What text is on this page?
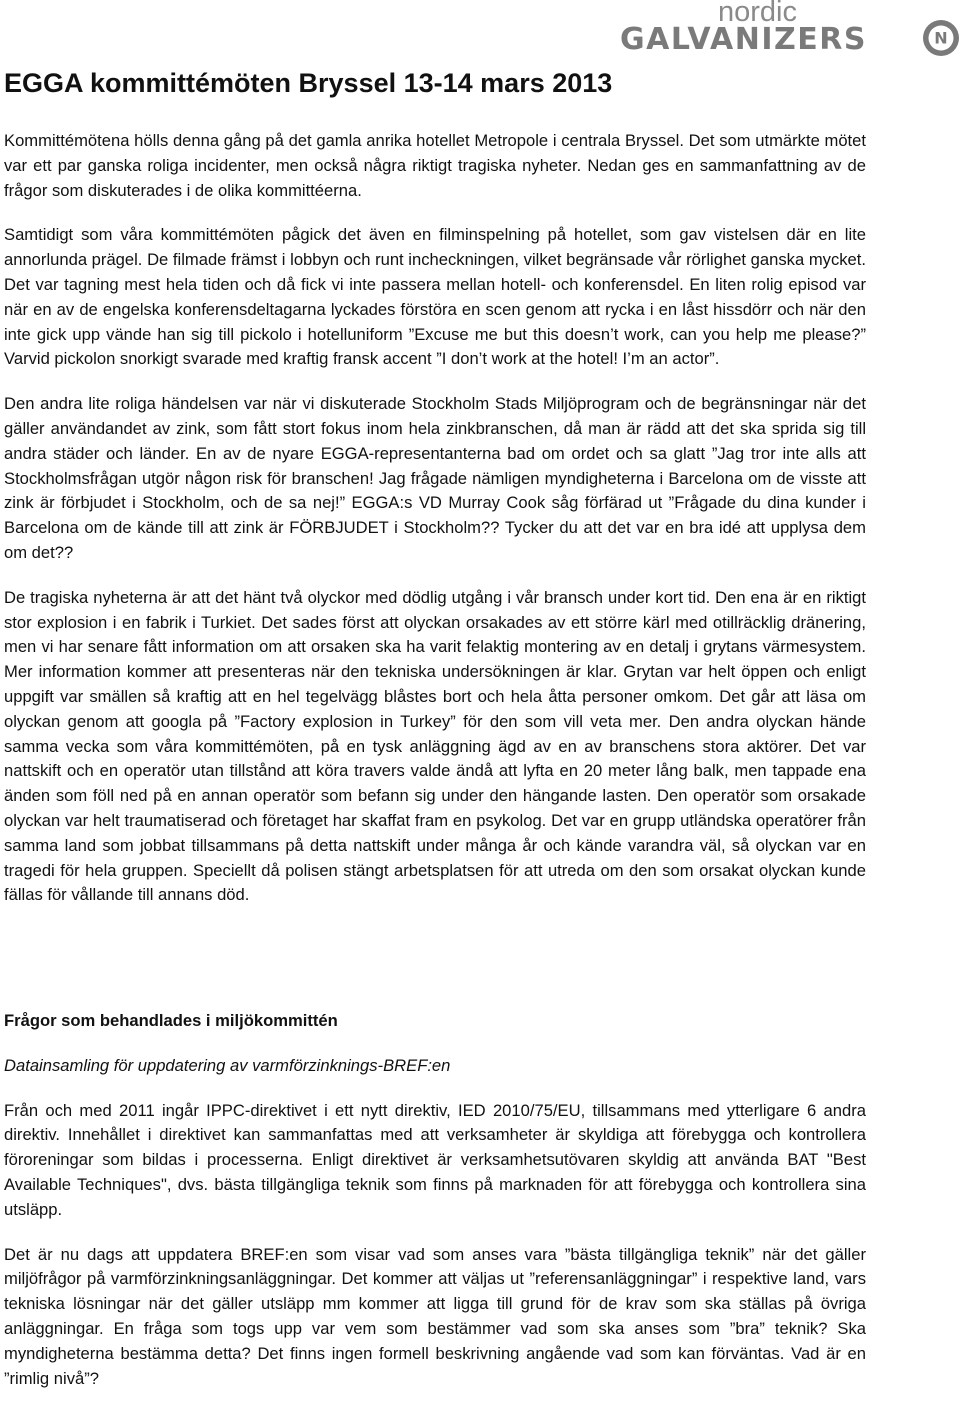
nordic
GALVANIZERS	N
EGGA kommittémöten Bryssel 13-14 mars 2013

Kommittémötena hölls denna gång på det gamla anrika hotellet Metropole i centrala Bryssel. Det som utmärkte mötet var ett par ganska roliga incidenter, men också några riktigt tragiska nyheter. Nedan ges en sammanfattning av de frågor som diskuterades i de olika kommittéerna.

Samtidigt som våra kommittémöten pågick det även en filminspelning på hotellet, som gav vistelsen där en lite annorlunda prägel. De filmade främst i lobbyn och runt incheckningen, vilket begränsade vår rörlighet ganska mycket. Det var tagning mest hela tiden och då fick vi inte passera mellan hotell- och konferensdel. En liten rolig episod var när en av de engelska konferensdeltagarna lyckades förstöra en scen genom att rycka i en låst hissdörr och när den inte gick upp vände han sig till pickolo i hotelluniform ”Excuse me but this doesn’t work, can you help me please?” Varvid pickolon snorkigt svarade med kraftig fransk accent ”I don’t work at the hotel! I’m an actor”.

Den andra lite roliga händelsen var när vi diskuterade Stockholm Stads Miljöprogram och de begränsningar när det gäller användandet av zink, som fått stort fokus inom hela zinkbranschen, då man är rädd att det ska sprida sig till andra städer och länder. En av de nyare EGGA-representanterna bad om ordet och sa glatt ”Jag tror inte alls att Stockholmsfrågan utgör någon risk för branschen! Jag frågade nämligen myndigheterna i Barcelona om de visste att zink är förbjudet i Stockholm, och de sa nej!” EGGA:s VD Murray Cook såg förfärad ut ”Frågade du dina kunder i Barcelona om de kände till att zink är FÖRBJUDET i Stockholm?? Tycker du att det var en bra idé att upplysa dem om det??

De tragiska nyheterna är att det hänt två olyckor med dödlig utgång i vår bransch under kort tid. Den ena är en riktigt stor explosion i en fabrik i Turkiet. Det sades först att olyckan orsakades av ett större kärl med otillräcklig dränering, men vi har senare fått information om att orsaken ska ha varit felaktig montering av en detalj i grytans värmesystem. Mer information kommer att presenteras när den tekniska undersökningen är klar. Grytan var helt öppen och enligt uppgift var smällen så kraftig att en hel tegelvägg blåstes bort och hela åtta personer omkom. Det går att läsa om olyckan genom att googla på ”Factory explosion in Turkey” för den som vill veta mer. Den andra olyckan hände samma vecka som våra kommittémöten, på en tysk anläggning ägd av en av branschens stora aktörer. Det var nattskift och en operatör utan tillstånd att köra travers valde ändå att lyfta en 20 meter lång balk, men tappade ena änden som föll ned på en annan operatör som befann sig under den hängande lasten. Den operatör som orsakade olyckan var helt traumatiserad och företaget har skaffat fram en psykolog. Det var en grupp utländska operatörer från samma land som jobbat tillsammans på detta nattskift under många år och kände varandra väl, så olyckan var en tragedi för hela gruppen. Speciellt då polisen stängt arbetsplatsen för att utreda om den som orsakat olyckan kunde fällas för vållande till annans död.

Frågor som behandlades i miljökommittén

Datainsamling för uppdatering av varmförzinknings-BREF:en

Från och med 2011 ingår IPPC-direktivet i ett nytt direktiv, IED 2010/75/EU, tillsammans med ytterligare 6 andra direktiv. Innehållet i direktivet kan sammanfattas med att verksamheter är skyldiga att förebygga och kontrollera föroreningar som bildas i processerna. Enligt direktivet är verksamhetsutövaren skyldig att använda BAT "Best Available Techniques", dvs. bästa tillgängliga teknik som finns på marknaden för att förebygga och kontrollera sina utsläpp.

Det är nu dags att uppdatera BREF:en som visar vad som anses vara ”bästa tillgängliga teknik” när det gäller miljöfrågor på varmförzinkningsanläggningar. Det kommer att väljas ut ”referensanläggningar” i respektive land, vars tekniska lösningar när det gäller utsläpp mm kommer att ligga till grund för de krav som ska ställas på övriga anläggningar. En fråga som togs upp var vem som bestämmer vad som ska anses som ”bra” teknik? Ska myndigheterna bestämma detta? Det finns ingen formell beskrivning angående vad som kan förväntas. Vad är en ”rimlig nivå”?
